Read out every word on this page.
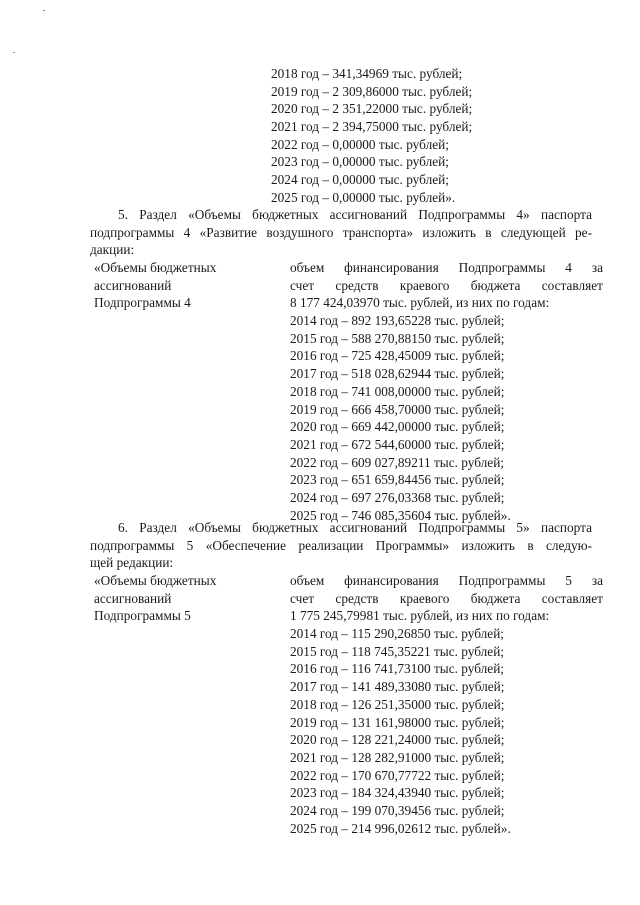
2018 год – 341,34969 тыс. рублей;
2019 год – 2 309,86000 тыс. рублей;
2020 год – 2 351,22000 тыс. рублей;
2021 год – 2 394,75000 тыс. рублей;
2022 год – 0,00000 тыс. рублей;
2023 год – 0,00000 тыс. рублей;
2024 год – 0,00000 тыс. рублей;
2025 год – 0,00000 тыс. рублей».
5. Раздел «Объемы бюджетных ассигнований Подпрограммы 4» паспорта
подпрограммы 4 «Развитие воздушного транспорта» изложить в следующей ре-
дакции:
«Объемы бюджетных
ассигнований
Подпрограммы 4
объем финансирования Подпрограммы 4 за
счет средств краевого бюджета составляет
8 177 424,03970 тыс. рублей, из них по годам:
2014 год – 892 193,65228 тыс. рублей;
2015 год – 588 270,88150 тыс. рублей;
2016 год – 725 428,45009 тыс. рублей;
2017 год – 518 028,62944 тыс. рублей;
2018 год – 741 008,00000 тыс. рублей;
2019 год – 666 458,70000 тыс. рублей;
2020 год – 669 442,00000 тыс. рублей;
2021 год – 672 544,60000 тыс. рублей;
2022 год – 609 027,89211 тыс. рублей;
2023 год – 651 659,84456 тыс. рублей;
2024 год – 697 276,03368 тыс. рублей;
2025 год – 746 085,35604 тыс. рублей».
6. Раздел «Объемы бюджетных ассигнований Подпрограммы 5» паспорта
подпрограммы 5 «Обеспечение реализации Программы» изложить в следую-
щей редакции:
«Объемы бюджетных
ассигнований
Подпрограммы 5
объем финансирования Подпрограммы 5 за
счет средств краевого бюджета составляет
1 775 245,79981 тыс. рублей, из них по годам:
2014 год – 115 290,26850 тыс. рублей;
2015 год – 118 745,35221 тыс. рублей;
2016 год – 116 741,73100 тыс. рублей;
2017 год – 141 489,33080 тыс. рублей;
2018 год – 126 251,35000 тыс. рублей;
2019 год – 131 161,98000 тыс. рублей;
2020 год – 128 221,24000 тыс. рублей;
2021 год – 128 282,91000 тыс. рублей;
2022 год – 170 670,77722 тыс. рублей;
2023 год – 184 324,43940 тыс. рублей;
2024 год – 199 070,39456 тыс. рублей;
2025 год – 214 996,02612 тыс. рублей».
